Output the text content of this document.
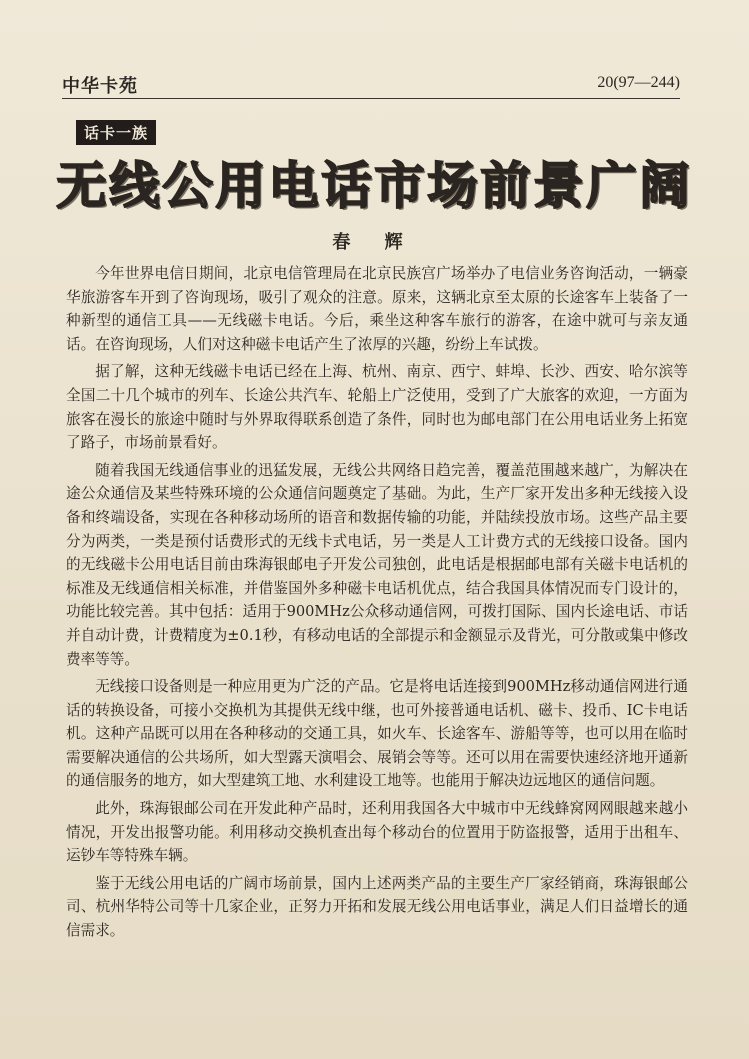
中华卡苑	20(97—244)
话卡一族
无线公用电话市场前景广阔
春 辉

今年世界电信日期间，北京电信管理局在北京民族宫广场举办了电信业务咨询活动，一辆豪华旅游客车开到了咨询现场，吸引了观众的注意。原来，这辆北京至太原的长途客车上装备了一种新型的通信工具——无线磁卡电话。今后，乘坐这种客车旅行的游客，在途中就可与亲友通话。在咨询现场，人们对这种磁卡电话产生了浓厚的兴趣，纷纷上车试拨。

据了解，这种无线磁卡电话已经在上海、杭州、南京、西宁、蚌埠、长沙、西安、哈尔滨等全国二十几个城市的列车、长途公共汽车、轮船上广泛使用，受到了广大旅客的欢迎，一方面为旅客在漫长的旅途中随时与外界取得联系创造了条件，同时也为邮电部门在公用电话业务上拓宽了路子，市场前景看好。

随着我国无线通信事业的迅猛发展，无线公共网络日趋完善，覆盖范围越来越广，为解决在途公众通信及某些特殊环境的公众通信问题奠定了基础。为此，生产厂家开发出多种无线接入设备和终端设备，实现在各种移动场所的语音和数据传输的功能，并陆续投放市场。这些产品主要分为两类，一类是预付话费形式的无线卡式电话，另一类是人工计费方式的无线接口设备。国内的无线磁卡公用电话目前由珠海银邮电子开发公司独创，此电话是根据邮电部有关磁卡电话机的标准及无线通信相关标准，并借鉴国外多种磁卡电话机优点，结合我国具体情况而专门设计的，功能比较完善。其中包括：适用于900MHz公众移动通信网，可拨打国际、国内长途电话、市话并自动计费，计费精度为±0.1秒，有移动电话的全部提示和金额显示及背光，可分散或集中修改费率等等。

无线接口设备则是一种应用更为广泛的产品。它是将电话连接到900MHz移动通信网进行通话的转换设备，可接小交换机为其提供无线中继，也可外接普通电话机、磁卡、投币、IC卡电话机。这种产品既可以用在各种移动的交通工具，如火车、长途客车、游船等等，也可以用在临时需要解决通信的公共场所，如大型露天演唱会、展销会等等。还可以用在需要快速经济地开通新的通信服务的地方，如大型建筑工地、水利建设工地等。也能用于解决边远地区的通信问题。

此外，珠海银邮公司在开发此种产品时，还利用我国各大中城市中无线蜂窝网网眼越来越小情况，开发出报警功能。利用移动交换机查出每个移动台的位置用于防盗报警，适用于出租车、运钞车等特殊车辆。

鉴于无线公用电话的广阔市场前景，国内上述两类产品的主要生产厂家经销商，珠海银邮公司、杭州华特公司等十几家企业，正努力开拓和发展无线公用电话事业，满足人们日益增长的通信需求。
